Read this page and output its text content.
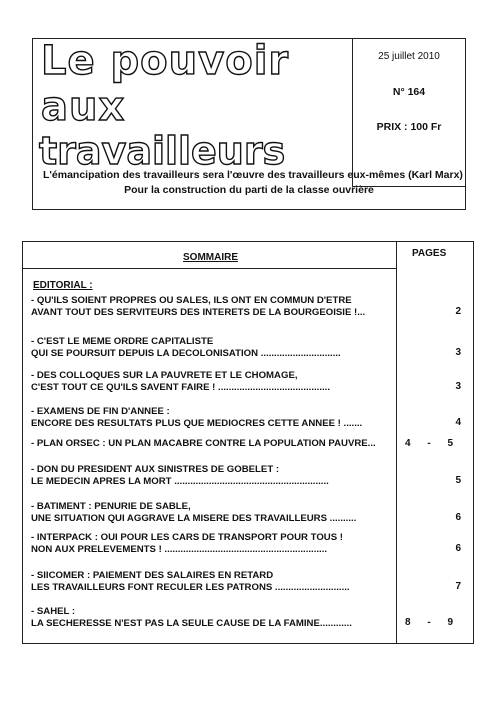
Le pouvoir
aux
travailleurs
25 juillet 2010
N° 164
PRIX : 100 Fr
L'émancipation des travailleurs sera l'œuvre des travailleurs eux-mêmes (Karl Marx)
Pour la construction du parti de la classe ouvrière
SOMMAIRE	PAGES
EDITORIAL :
- QU'ILS SOIENT PROPRES OU SALES, ILS ONT EN COMMUN D'ETRE
AVANT TOUT DES SERVITEURS DES INTERETS DE LA BOURGEOISIE !...	2
- C'EST LE MEME ORDRE CAPITALISTE
QUI SE POURSUIT DEPUIS LA DECOLONISATION ..............................	3
- DES COLLOQUES SUR LA PAUVRETE ET LE CHOMAGE,
C'EST TOUT CE QU'ILS SAVENT FAIRE ! ..........................................	3
- EXAMENS DE FIN D'ANNEE :
ENCORE DES RESULTATS PLUS QUE MEDIOCRES CETTE ANNEE ! .......	4
- PLAN ORSEC : UN PLAN MACABRE CONTRE LA POPULATION PAUVRE...	4 - 5
- DON DU PRESIDENT AUX SINISTRES DE GOBELET :
LE MEDECIN APRES LA MORT ..........................................................	5
- BATIMENT : PENURIE DE SABLE,
UNE SITUATION QUI AGGRAVE LA MISERE DES TRAVAILLEURS ..........	6
- INTERPACK : OUI POUR LES CARS DE TRANSPORT POUR TOUS !
NON AUX PRELEVEMENTS ! .............................................................	6
- SIICOMER : PAIEMENT DES SALAIRES EN RETARD
LES TRAVAILLEURS FONT RECULER LES PATRONS ............................	7
- SAHEL :
LA SECHERESSE N'EST PAS LA SEULE CAUSE DE LA FAMINE............	8 - 9
